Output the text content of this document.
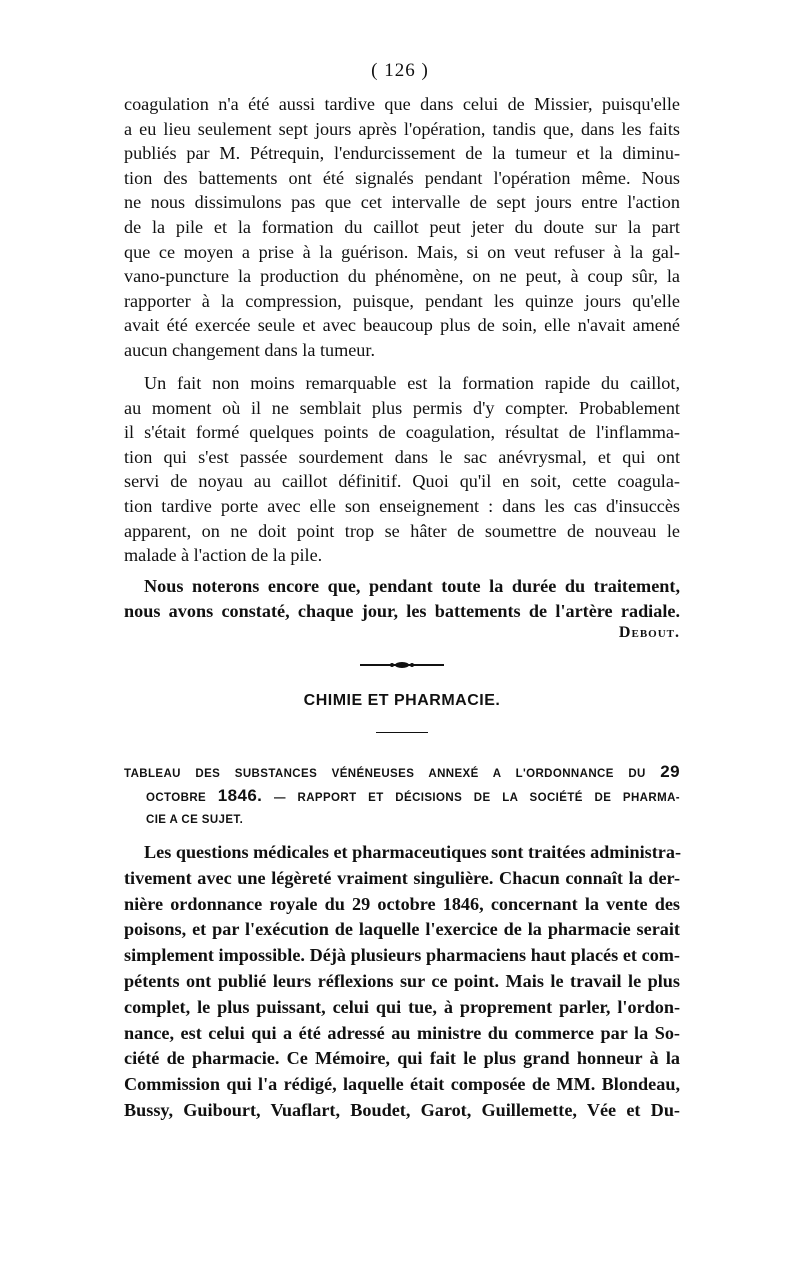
( 126 )
coagulation n'a été aussi tardive que dans celui de Missier, puisqu'elle
a eu lieu seulement sept jours après l'opération, tandis que, dans les faits
publiés par M. Pétrequin, l'endurcissement de la tumeur et la diminu-
tion des battements ont été signalés pendant l'opération même. Nous
ne nous dissimulons pas que cet intervalle de sept jours entre l'action
de la pile et la formation du caillot peut jeter du doute sur la part
que ce moyen a prise à la guérison. Mais, si on veut refuser à la gal-
vano-puncture la production du phénomène, on ne peut, à coup sûr, la
rapporter à la compression, puisque, pendant les quinze jours qu'elle
avait été exercée seule et avec beaucoup plus de soin, elle n'avait amené
aucun changement dans la tumeur.
Un fait non moins remarquable est la formation rapide du caillot,
au moment où il ne semblait plus permis d'y compter. Probablement
il s'était formé quelques points de coagulation, résultat de l'inflamma-
tion qui s'est passée sourdement dans le sac anévrysmal, et qui ont
servi de noyau au caillot définitif. Quoi qu'il en soit, cette coagula-
tion tardive porte avec elle son enseignement : dans les cas d'insuccès
apparent, on ne doit point trop se hâter de soumettre de nouveau le
malade à l'action de la pile.
Nous noterons encore que, pendant toute la durée du traitement,
nous avons constaté, chaque jour, les battements de l'artère radiale.
Debout.
CHIMIE ET PHARMACIE.
TABLEAU DES SUBSTANCES VÉNÉNEUSES ANNEXÉ A L'ORDONNANCE DU 29
OCTOBRE 1846. — RAPPORT ET DÉCISIONS DE LA SOCIÉTÉ DE PHARMA-
CIE A CE SUJET.
Les questions médicales et pharmaceutiques sont traitées administra-
tivement avec une légèreté vraiment singulière. Chacun connaît la der-
nière ordonnance royale du 29 octobre 1846, concernant la vente des
poisons, et par l'exécution de laquelle l'exercice de la pharmacie serait
simplement impossible. Déjà plusieurs pharmaciens haut placés et com-
pétents ont publié leurs réflexions sur ce point. Mais le travail le plus
complet, le plus puissant, celui qui tue, à proprement parler, l'ordon-
nance, est celui qui a été adressé au ministre du commerce par la So-
ciété de pharmacie. Ce Mémoire, qui fait le plus grand honneur à la
Commission qui l'a rédigé, laquelle était composée de MM. Blondeau,
Bussy, Guibourt, Vuaflart, Boudet, Garot, Guillemette, Vée et Du-
